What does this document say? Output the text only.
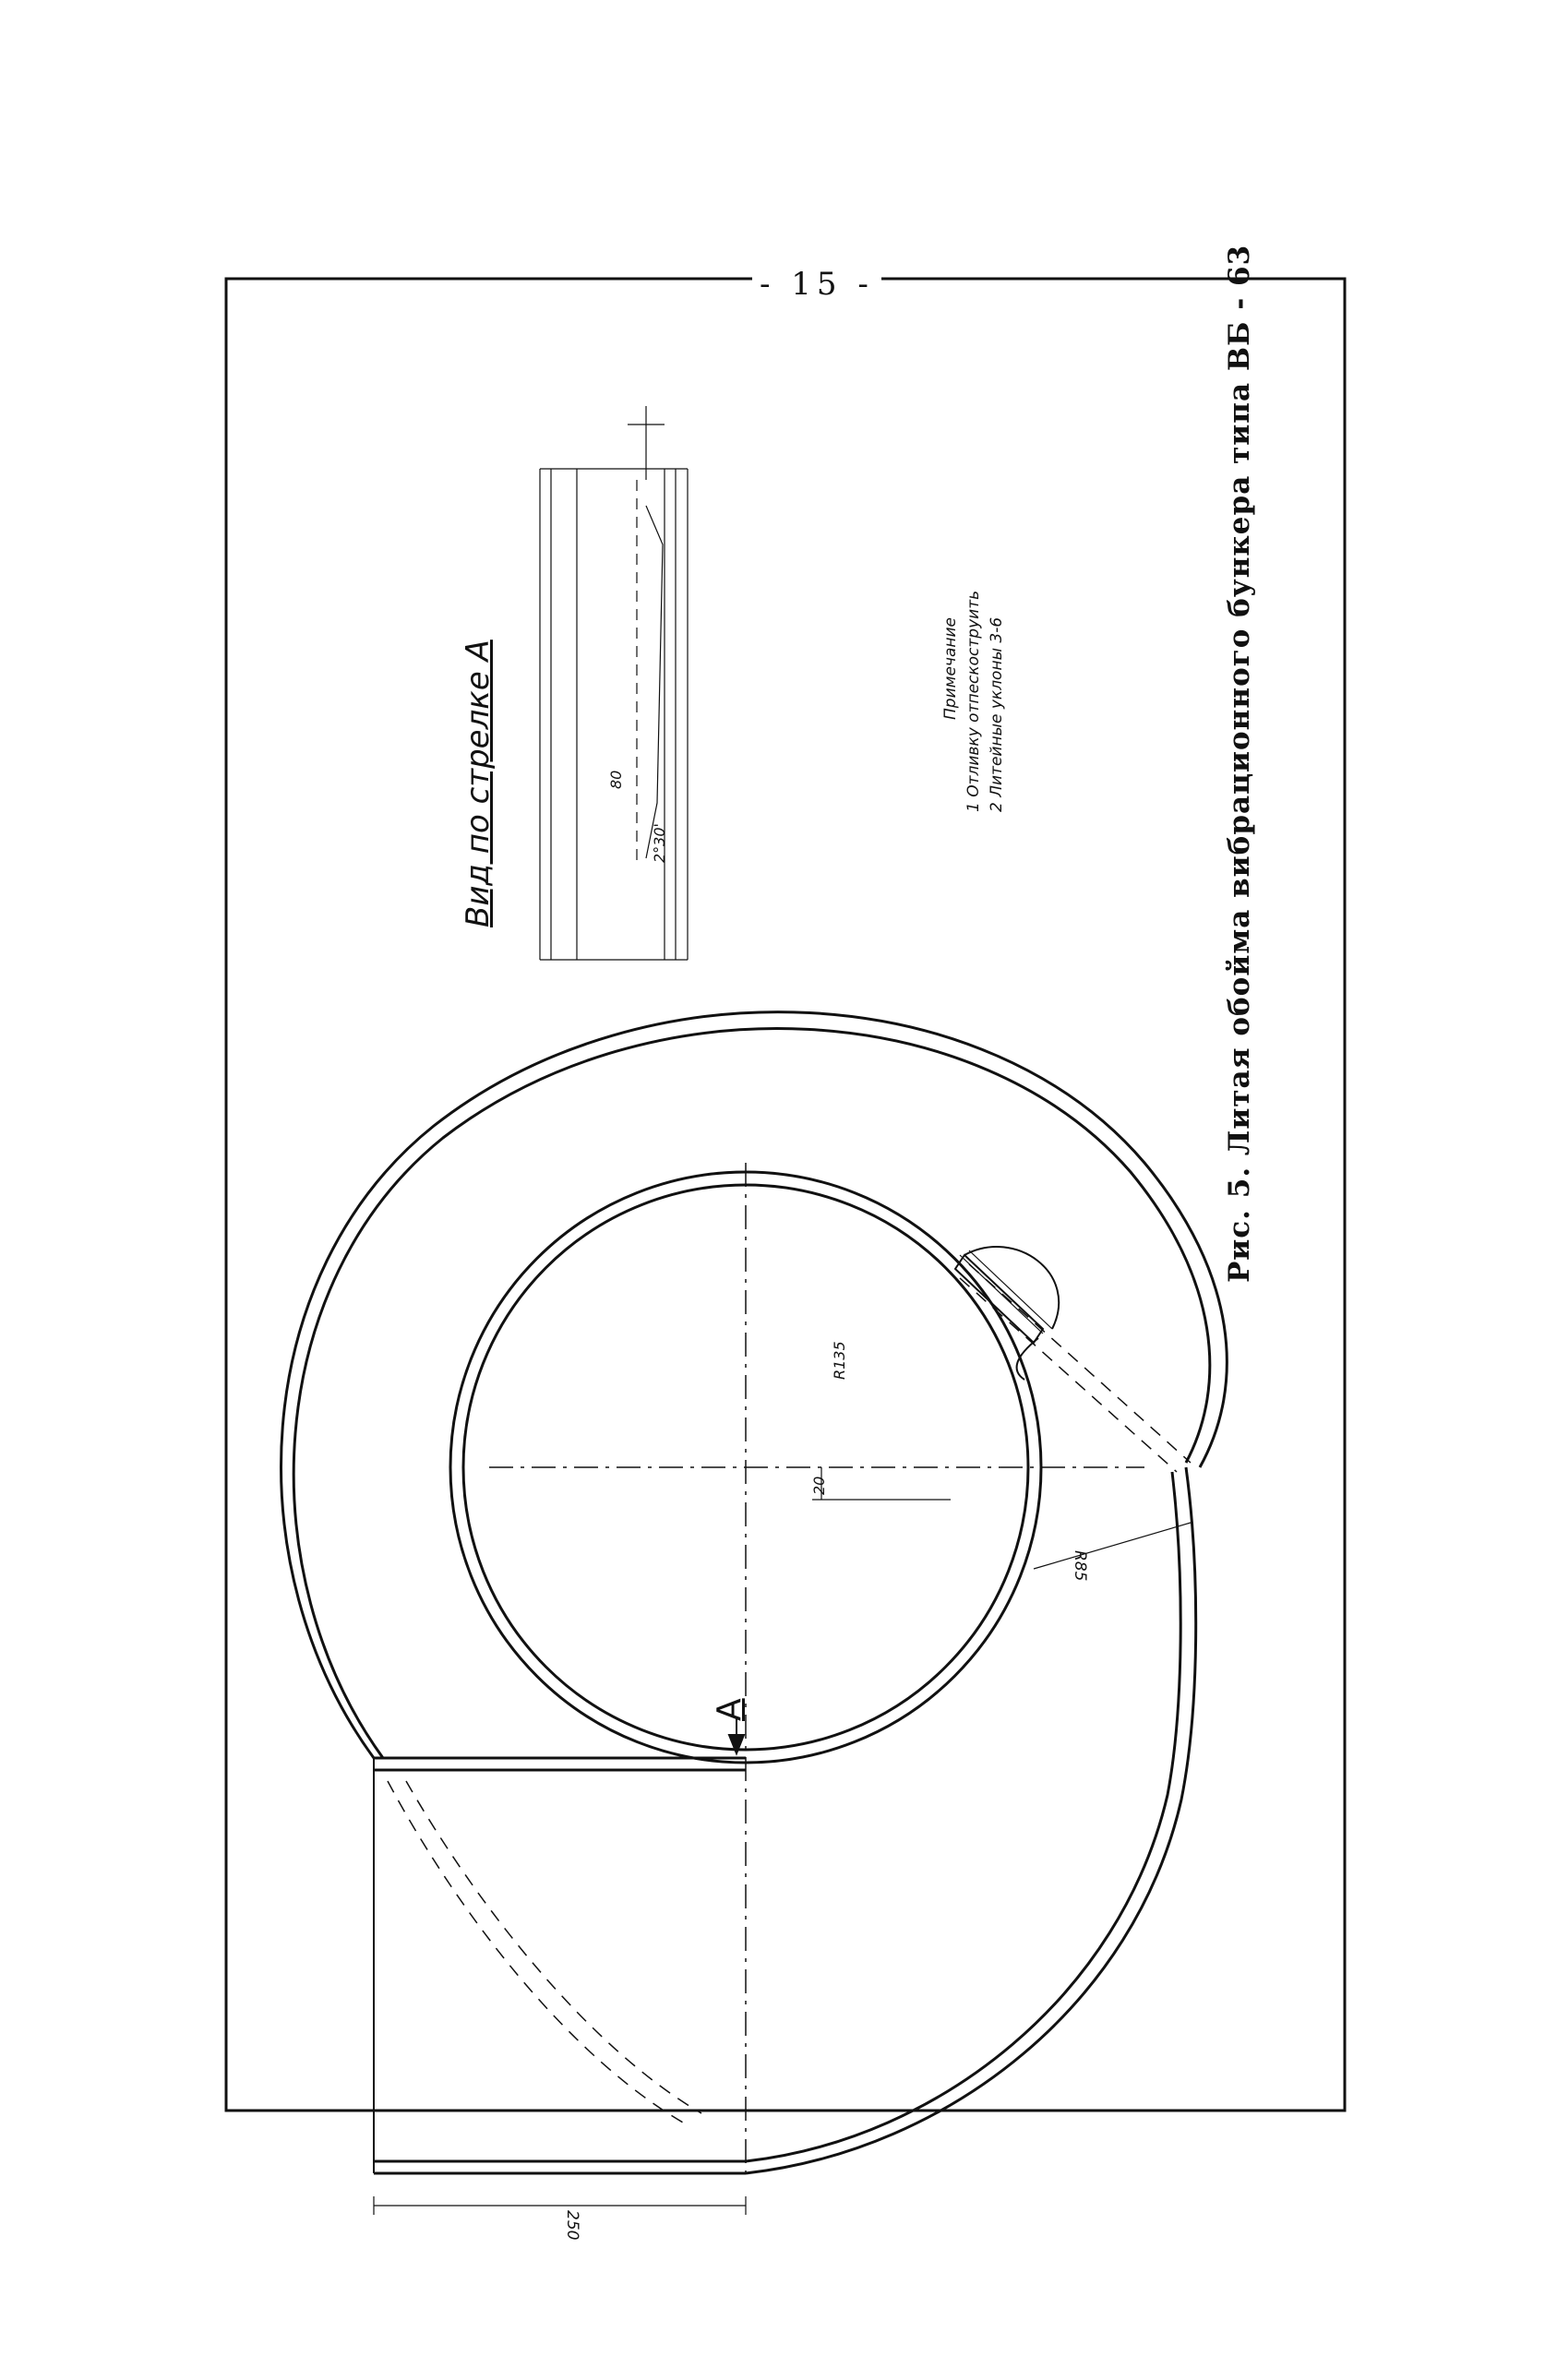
- 15 -	Рис. 5. Литая обойма вибрационного бункера типа ВБ - 63
Вид по стрелке А	Примечание 1 Отливку отпескоструить 2 Литейные уклоны 3-6
A
250
R135
20
R85
80
2°30'
